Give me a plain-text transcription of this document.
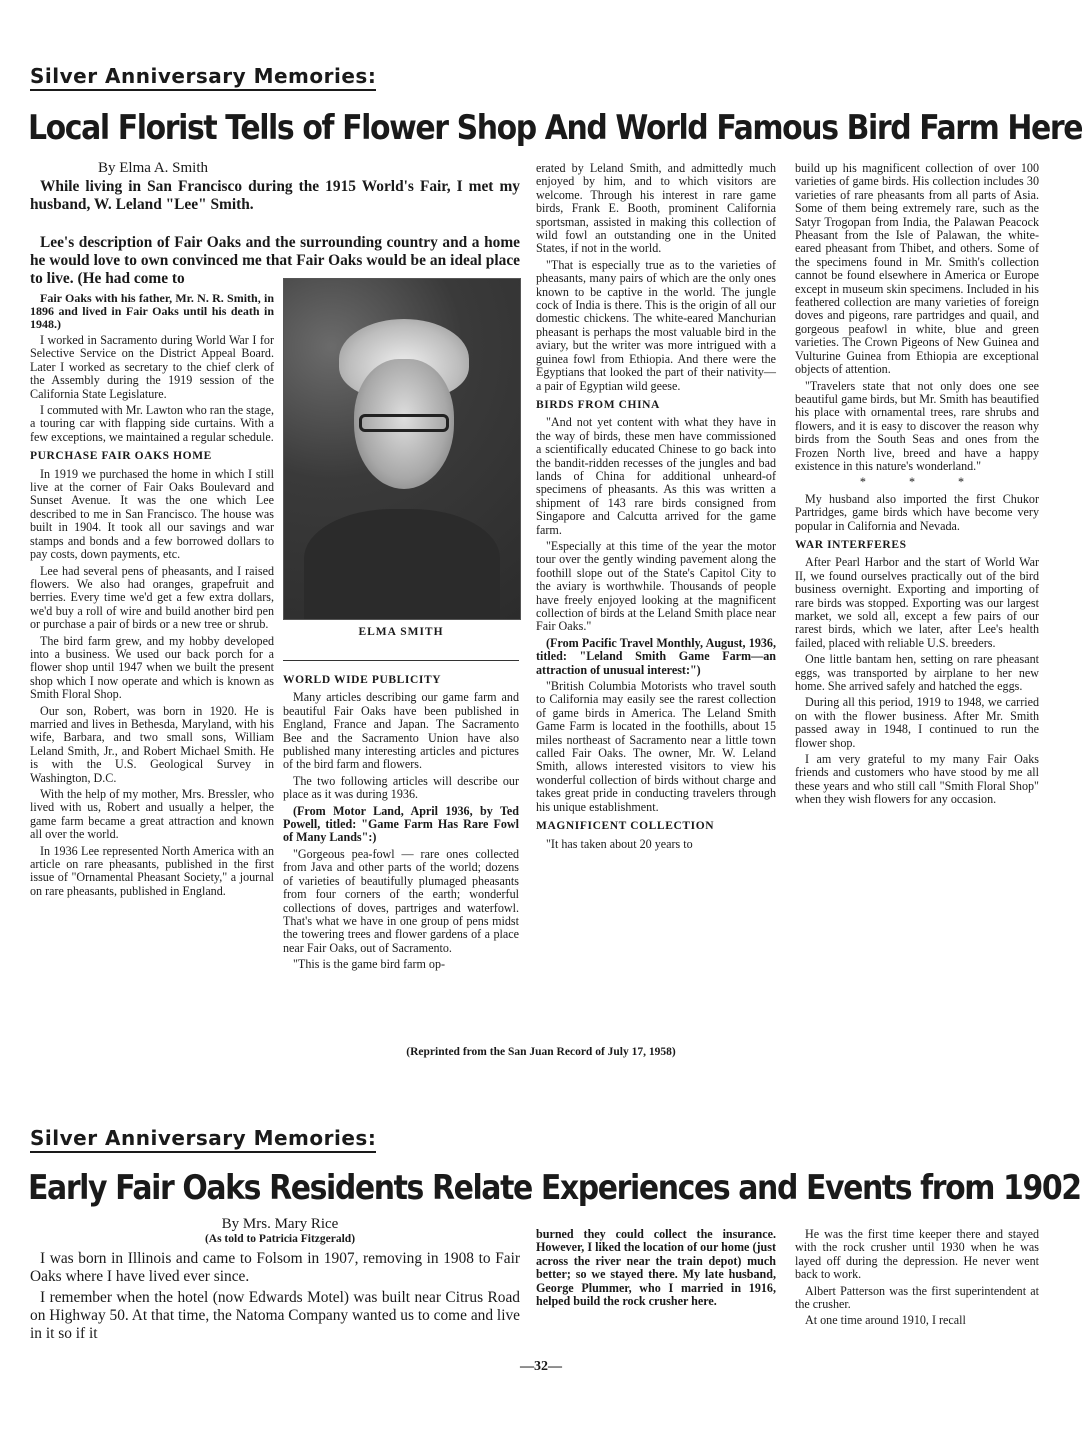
Silver Anniversary Memories:
Local Florist Tells of Flower Shop And World Famous Bird Farm Here

By Elma A. Smith

While living in San Francisco during the 1915 World's Fair, I met my husband, W. Leland "Lee" Smith.

Lee's description of Fair Oaks and the surrounding country and a home he would love to own convinced me that Fair Oaks would be an ideal place to live. (He had come to

Fair Oaks with his father, Mr. N. R. Smith, in 1896 and lived in Fair Oaks until his death in 1948.)

I worked in Sacramento during World War I for Selective Service on the District Appeal Board. Later I worked as secretary to the chief clerk of the Assembly during the 1919 session of the California State Legislature.

I commuted with Mr. Lawton who ran the stage, a touring car with flapping side curtains. With a few exceptions, we maintained a regular schedule.

PURCHASE FAIR OAKS HOME

In 1919 we purchased the home in which I still live at the corner of Fair Oaks Boulevard and Sunset Avenue. It was the one which Lee described to me in San Francisco. The house was built in 1904. It took all our savings and war stamps and bonds and a few borrowed dollars to pay costs, down payments, etc.

Lee had several pens of pheasants, and I raised flowers. We also had oranges, grapefruit and berries. Every time we'd get a few extra dollars, we'd buy a roll of wire and build another bird pen or purchase a pair of birds or a new tree or shrub.

The bird farm grew, and my hobby developed into a business. We used our back porch for a flower shop until 1947 when we built the present shop which I now operate and which is known as Smith Floral Shop.

Our son, Robert, was born in 1920. He is married and lives in Bethesda, Maryland, with his wife, Barbara, and two small sons, William Leland Smith, Jr., and Robert Michael Smith. He is with the U.S. Geological Survey in Washington, D.C.

With the help of my mother, Mrs. Bressler, who lived with us, Robert and usually a helper, the game farm became a great attraction and known all over the world.

In 1936 Lee represented North America with an article on rare pheasants, published in the first issue of "Ornamental Pheasant Society," a journal on rare pheasants, published in England.

ELMA SMITH

WORLD WIDE PUBLICITY

Many articles describing our game farm and beautiful Fair Oaks have been published in England, France and Japan. The Sacramento Bee and the Sacramento Union have also published many interesting articles and pictures of the bird farm and flowers.

The two following articles will describe our place as it was during 1936.

(From Motor Land, April 1936, by Ted Powell, titled: "Game Farm Has Rare Fowl of Many Lands":)

"Gorgeous pea-fowl — rare ones collected from Java and other parts of the world; dozens of varieties of beautifully plumaged pheasants from four corners of the earth; wonderful collections of doves, partriges and waterfowl. That's what we have in one group of pens midst the towering trees and flower gardens of a place near Fair Oaks, out of Sacramento.

"This is the game bird farm op-

erated by Leland Smith, and admittedly much enjoyed by him, and to which visitors are welcome. Through his interest in rare game birds, Frank E. Booth, prominent California sportsman, assisted in making this collection of wild fowl an outstanding one in the United States, if not in the world.

"That is especially true as to the varieties of pheasants, many pairs of which are the only ones known to be captive in the world. The jungle cock of India is there. This is the origin of all our domestic chickens. The white-eared Manchurian pheasant is perhaps the most valuable bird in the aviary, but the writer was more intrigued with a guinea fowl from Ethiopia. And there were the Egyptians that looked the part of their nativity— a pair of Egyptian wild geese.

BIRDS FROM CHINA

"And not yet content with what they have in the way of birds, these men have commissioned a scientifically educated Chinese to go back into the bandit-ridden recesses of the jungles and bad lands of China for additional unheard-of specimens of pheasants. As this was written a shipment of 143 rare birds consigned from Singapore and Calcutta arrived for the game farm.

"Especially at this time of the year the motor tour over the gently winding pavement along the foothill slope out of the State's Capitol City to the aviary is worthwhile. Thousands of people have freely enjoyed looking at the magnificent collection of birds at the Leland Smith place near Fair Oaks."

(From Pacific Travel Monthly, August, 1936, titled: "Leland Smith Game Farm—an attraction of unusual interest:")

"British Columbia Motorists who travel south to California may easily see the rarest collection of game birds in America. The Leland Smith Game Farm is located in the foothills, about 15 miles northeast of Sacramento near a little town called Fair Oaks. The owner, Mr. W. Leland Smith, allows interested visitors to view his wonderful collection of birds without charge and takes great pride in conducting travelers through his unique establishment.

MAGNIFICENT COLLECTION

"It has taken about 20 years to

build up his magnificent collection of over 100 varieties of game birds. His collection includes 30 varieties of rare pheasants from all parts of Asia. Some of them being extremely rare, such as the Satyr Trogopan from India, the Palawan Peacock Pheasant from the Isle of Palawan, the white-eared pheasant from Thibet, and others. Some of the specimens found in Mr. Smith's collection cannot be found elsewhere in America or Europe except in museum skin specimens. Included in his feathered collection are many varieties of foreign doves and pigeons, rare partridges and quail, and gorgeous peafowl in white, blue and green varieties. The Crown Pigeons of New Guinea and Vulturine Guinea from Ethiopia are exceptional objects of attention.

"Travelers state that not only does one see beautiful game birds, but Mr. Smith has beautified his place with ornamental trees, rare shrubs and flowers, and it is easy to discover the reason why birds from the South Seas and ones from the Frozen North live, breed and have a happy existence in this nature's wonderland."

* * *

My husband also imported the first Chukor Partridges, game birds which have become very popular in California and Nevada.

WAR INTERFERES

After Pearl Harbor and the start of World War II, we found ourselves practically out of the bird business overnight. Exporting and importing of rare birds was stopped. Exporting was our largest market, we sold all, except a few pairs of our rarest birds, which we later, after Lee's health failed, placed with reliable U.S. breeders.

One little bantam hen, setting on rare pheasant eggs, was transported by airplane to her new home. She arrived safely and hatched the eggs.

During all this period, 1919 to 1948, we carried on with the flower business. After Mr. Smith passed away in 1948, I continued to run the flower shop.

I am very grateful to my many Fair Oaks friends and customers who have stood by me all these years and who still call "Smith Floral Shop" when they wish flowers for any occasion.

(Reprinted from the San Juan Record of July 17, 1958)
Silver Anniversary Memories:
Early Fair Oaks Residents Relate Experiences and Events from 1902

By Mrs. Mary Rice

(As told to Patricia Fitzgerald)

I was born in Illinois and came to Folsom in 1907, removing in 1908 to Fair Oaks where I have lived ever since.

I remember when the hotel (now Edwards Motel) was built near Citrus Road on Highway 50. At that time, the Natoma Company wanted us to come and live in it so if it

burned they could collect the insurance. However, I liked the location of our home (just across the river near the train depot) much better; so we stayed there. My late husband, George Plummer, who I married in 1916, helped build the rock crusher here.

He was the first time keeper there and stayed with the rock crusher until 1930 when he was layed off during the depression. He never went back to work.

Albert Patterson was the first superintendent at the crusher.

At one time around 1910, I recall

—32—
